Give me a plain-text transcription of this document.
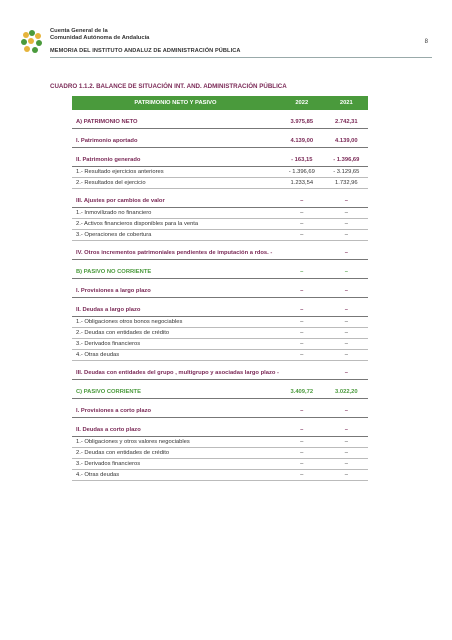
Cuenta General de la
Comunidad Autónoma de Andalucía
MEMORIA DEL INSTITUTO ANDALUZ DE ADMINISTRACIÓN PÚBLICA
8
CUADRO 1.1.2. BALANCE DE SITUACIÓN INT. AND. ADMINISTRACIÓN PÚBLICA
PATRIMONIO NETO Y PASIVO	2022	2021

A) PATRIMONIO NETO	3.975,85	2.742,31

I. Patrimonio aportado	4.139,00	4.139,00

II. Patrimonio generado	- 163,15	- 1.396,69
1.- Resultado ejercicios anteriores	- 1.396,69	- 3.129,65
2.- Resultados del ejercicio	1.233,54	1.732,96

III. Ajustes por cambios de valor	–	–
1.- Inmovilizado no financiero	–	–
2.- Activos financieros disponibles para la venta	–	–
3.- Operaciones de cobertura	–	–

IV. Otros incrementos patrimoniales pendientes de imputación a rdos. -		–

B) PASIVO NO CORRIENTE	–	–

I. Provisiones a largo plazo	–	–

II. Deudas a largo plazo	–	–
1.- Obligaciones otros bonos negociables	–	–
2.- Deudas con entidades de crédito	–	–
3.- Derivados financieros	–	–
4.- Otras deudas	–	–

III. Deudas con entidades del grupo , multigrupo y asociadas largo plazo -		–

C) PASIVO CORRIENTE	3.409,72	3.022,20

I. Provisiones a corto plazo	–	–

II. Deudas a corto plazo	–	–
1.- Obligaciones y otros valores negociables	–	–
2.- Deudas con entidades de crédito	–	–
3.- Derivados financieros	–	–
4.- Otras deudas	–	–
